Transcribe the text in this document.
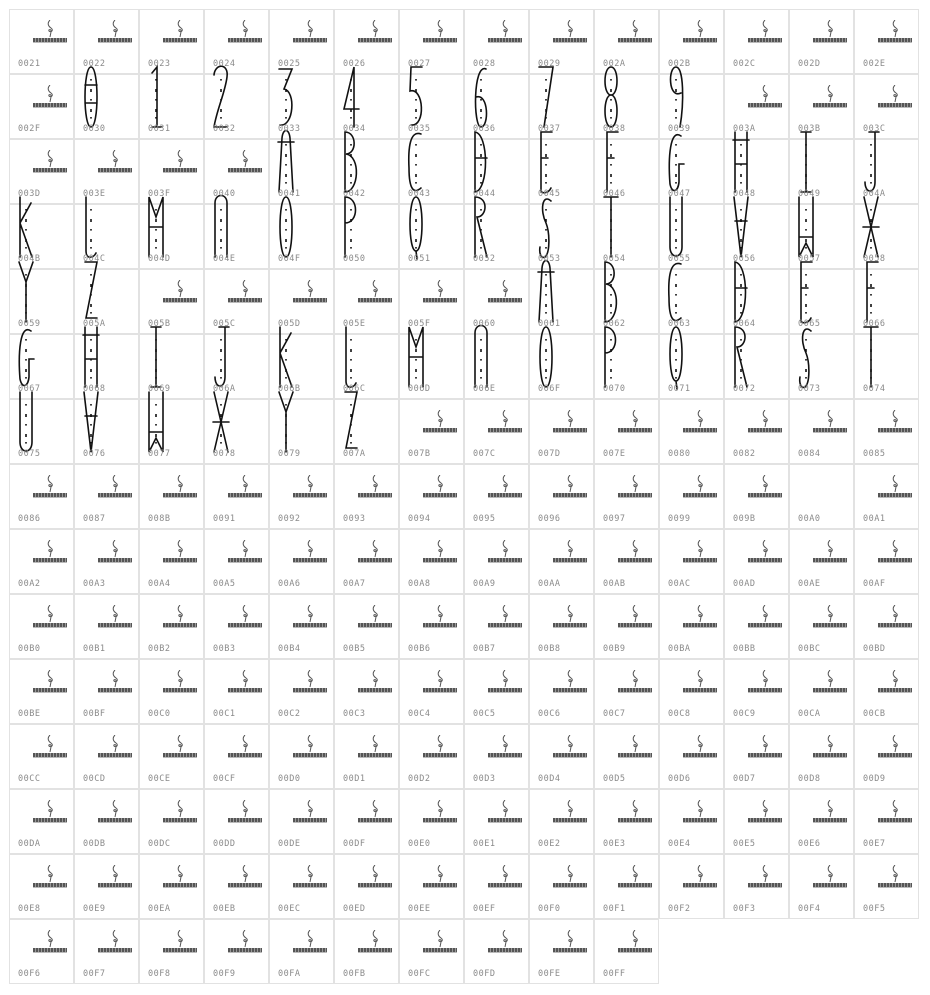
0021	0022	0023	0024	0025	0026	0027	0028	0029	002A	002B	002C	002D	002E
002F	0030	0031	0032	0033	0034	0035	0036	0037	0038	0039	003A	003B	003C
003D	003E	003F	0040	0041	0042	0043	0044	0045	0046	0047	0048	0049	004A
004B	004C	004D	004E	004F	0050	0051	0052	0053	0054	0055	0056	0057	0058
0059	005A	005B	005C	005D	005E	005F	0060	0061	0062	0063	0064	0065	0066
0067	0068	0069	006A	006B	006C	006D	006E	006F	0070	0071	0072	0073	0074
0075	0076	0077	0078	0079	007A	007B	007C	007D	007E	0080	0082	0084	0085
0086	0087	008B	0091	0092	0093	0094	0095	0096	0097	0099	009B	00A0	00A1
00A2	00A3	00A4	00A5	00A6	00A7	00A8	00A9	00AA	00AB	00AC	00AD	00AE	00AF
00B0	00B1	00B2	00B3	00B4	00B5	00B6	00B7	00B8	00B9	00BA	00BB	00BC	00BD
00BE	00BF	00C0	00C1	00C2	00C3	00C4	00C5	00C6	00C7	00C8	00C9	00CA	00CB
00CC	00CD	00CE	00CF	00D0	00D1	00D2	00D3	00D4	00D5	00D6	00D7	00D8	00D9
00DA	00DB	00DC	00DD	00DE	00DF	00E0	00E1	00E2	00E3	00E4	00E5	00E6	00E7
00E8	00E9	00EA	00EB	00EC	00ED	00EE	00EF	00F0	00F1	00F2	00F3	00F4	00F5
00F6	00F7	00F8	00F9	00FA	00FB	00FC	00FD	00FE	00FF
